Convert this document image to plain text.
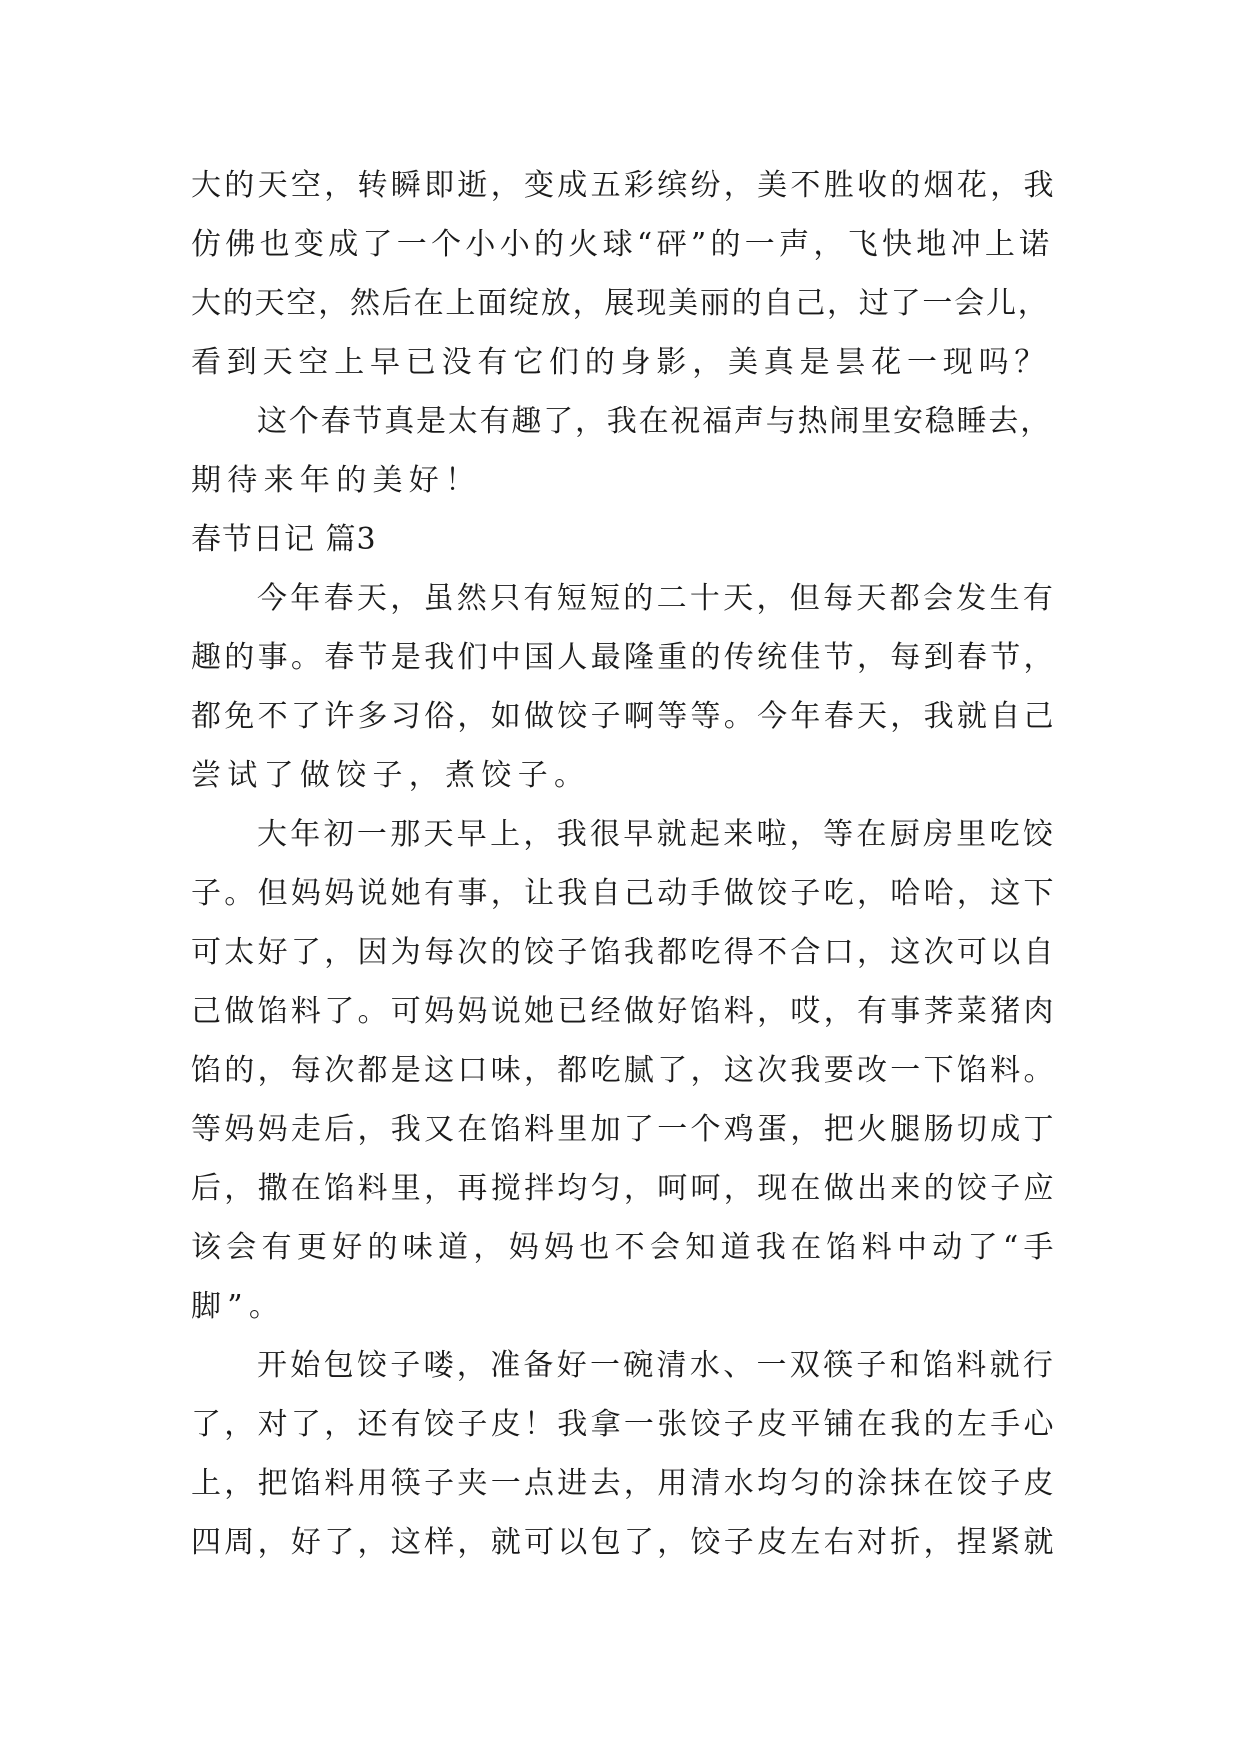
大的天空，转瞬即逝，变成五彩缤纷，美不胜收的烟花，我
仿佛也变成了一个小小的火球“砰”的一声，飞快地冲上诺
大的天空，然后在上面绽放，展现美丽的自己，过了一会儿，
看到天空上早已没有它们的身影，美真是昙花一现吗？
这个春节真是太有趣了，我在祝福声与热闹里安稳睡去，
期待来年的美好！
春节日记 篇3
今年春天，虽然只有短短的二十天，但每天都会发生有
趣的事。春节是我们中国人最隆重的传统佳节，每到春节，
都免不了许多习俗，如做饺子啊等等。今年春天，我就自己
尝试了做饺子，煮饺子。
大年初一那天早上，我很早就起来啦，等在厨房里吃饺
子。但妈妈说她有事，让我自己动手做饺子吃，哈哈，这下
可太好了，因为每次的饺子馅我都吃得不合口，这次可以自
己做馅料了。可妈妈说她已经做好馅料，哎，有事荠菜猪肉
馅的，每次都是这口味，都吃腻了，这次我要改一下馅料。
等妈妈走后，我又在馅料里加了一个鸡蛋，把火腿肠切成丁
后，撒在馅料里，再搅拌均匀，呵呵，现在做出来的饺子应
该会有更好的味道，妈妈也不会知道我在馅料中动了“手
脚”。
开始包饺子喽，准备好一碗清水、一双筷子和馅料就行
了，对了，还有饺子皮！我拿一张饺子皮平铺在我的左手心
上，把馅料用筷子夹一点进去，用清水均匀的涂抹在饺子皮
四周，好了，这样，就可以包了，饺子皮左右对折，捏紧就
